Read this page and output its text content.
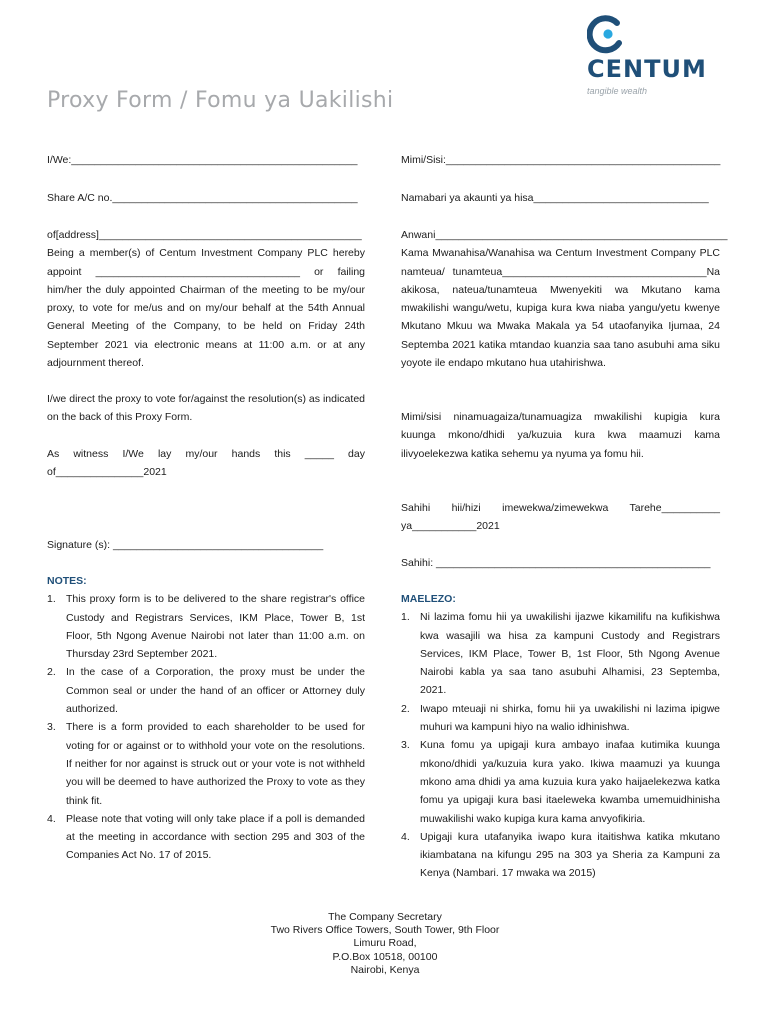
CENTUM
tangible wealth
Proxy Form / Fomu ya Uakilishi
I/We:_________________________________________________
Share A/C no.__________________________________________

of[address]_____________________________________________

Being a member(s) of Centum Investment Company PLC hereby appoint ___________________________________ or failing him/her the duly appointed Chairman of the meeting to be my/our proxy, to vote for me/us and on my/our behalf at the 54th Annual General Meeting of the Company, to be held on Friday 24th September 2021 via electronic means at 11:00 a.m. or at any adjournment thereof.

I/we direct the proxy to vote for/against the resolution(s) as indicated on the back of this Proxy Form.
As witness I/We lay my/our hands this _____ day of_______________2021
Signature (s): ____________________________________
NOTES:
1. This proxy form is to be delivered to the share registrar's office Custody and Registrars Services, IKM Place, Tower B, 1st Floor, 5th Ngong Avenue Nairobi not later than 11:00 a.m. on Thursday 23rd September 2021.
2. In the case of a Corporation, the proxy must be under the Common seal or under the hand of an officer or Attorney duly authorized.
3. There is a form provided to each shareholder to be used for voting for or against or to withhold your vote on the resolutions. If neither for nor against is struck out or your vote is not withheld you will be deemed to have authorized the Proxy to vote as they think fit.
4. Please note that voting will only take place if a poll is demanded at the meeting in accordance with section 295 and 303 of the Companies Act No. 17 of 2015.
Mimi/Sisi:_______________________________________________
Namabari ya akaunti ya hisa______________________________

Anwani__________________________________________________

Kama Mwanahisa/Wanahisa wa Centum Investment Company PLC namteua/ tunamteua___________________________________Na akikosa, nateua/tunamteua Mwenyekiti wa Mkutano kama mwakilishi wangu/wetu, kupiga kura kwa niaba yangu/yetu kwenye Mkutano Mkuu wa Mwaka Makala ya 54 utaofanyika Ijumaa, 24 Septemba 2021 katika mtandao kuanzia saa tano asubuhi ama siku yoyote ile endapo mkutano hua utahirishwa.

Mimi/sisi ninamuagaiza/tunamuagiza mwakilishi kupigia kura kuunga mkono/dhidi ya/kuzuia kura kwa maamuzi kama ilivyoelekezwa katika sehemu ya nyuma ya fomu hii.
Sahihi hii/hizi imewekwa/zimewekwa Tarehe__________ ya___________2021
Sahihi: _______________________________________________
MAELEZO:
1. Ni lazima fomu hii ya uwakilishi ijazwe kikamilifu na kufikishwa kwa wasajili wa hisa za kampuni Custody and Registrars Services, IKM Place, Tower B, 1st Floor, 5th Ngong Avenue Nairobi kabla ya saa tano asubuhi Alhamisi, 23 Septemba, 2021.
2. Iwapo mteuaji ni shirka, fomu hii ya uwakilishi ni lazima ipigwe muhuri wa kampuni hiyo na walio idhinishwa.
3. Kuna fomu ya upigaji kura ambayo inafaa kutimika kuunga mkono/dhidi ya/kuzuia kura yako. Ikiwa maamuzi ya kuunga mkono ama dhidi ya ama kuzuia kura yako haijaelekezwa katka fomu ya upigaji kura basi itaeleweka kwamba umemuidhinisha muwakilishi wako kupiga kura kama anvyofikiria.
4. Upigaji kura utafanyika iwapo kura itaitishwa katika mkutano ikiambatana na kifungu 295 na 303 ya Sheria za Kampuni za Kenya (Nambari. 17 mwaka wa 2015)
The Company Secretary
Two Rivers Office Towers, South Tower, 9th Floor
Limuru Road,
P.O.Box 10518, 00100
Nairobi, Kenya
